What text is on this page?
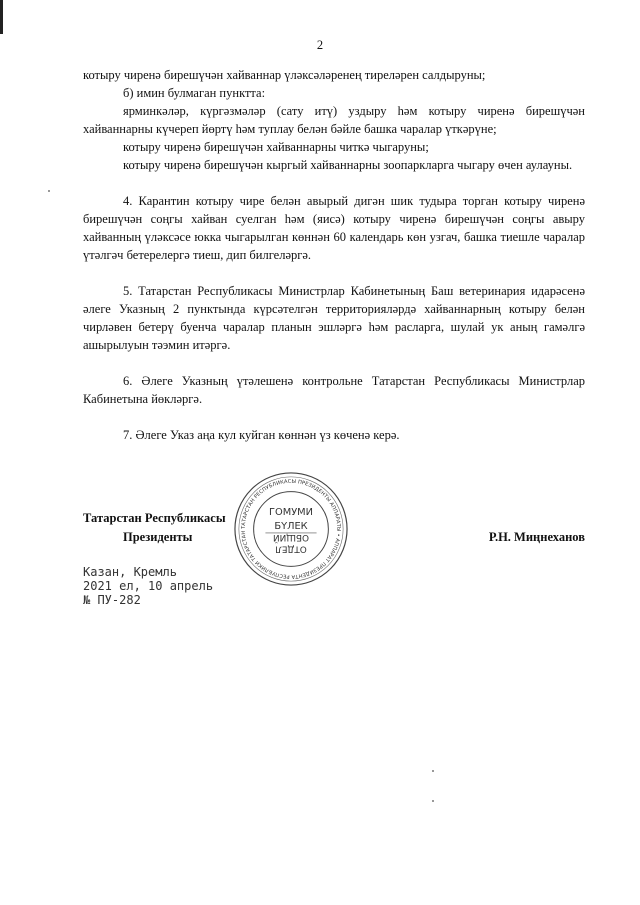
2

котыру чиренә бирешүчән хайваннар үләксәләренең тиреләрен салдыруны;

б) имин булмаган пунктта:

ярминкәләр, күргәзмәләр (сату итү) уздыру һәм котыру чиренә бирешүчән хайваннарны күчереп йөртү һәм туплау белән бәйле башка чаралар үткәрүне;

котыру чиренә бирешүчән хайваннарны читкә чыгаруны;

котыру чиренә бирешүчән кыргый хайваннарны зоопаркларга чыгару өчен аулауны.

4. Карантин котыру чире белән авырый дигән шик тудыра торган котыру чиренә бирешүчән соңгы хайван суелган һәм (яисә) котыру чиренә бирешүчән соңгы авыру хайванның үләксәсе юкка чыгарылган көннән 60 календарь көн узгач, башка тиешле чаралар үтәлгәч бетерелергә тиеш, дип билгеләргә.

5. Татарстан Республикасы Министрлар Кабинетының Баш ветеринария идарәсенә әлеге Указның 2 пунктында күрсәтелгән территорияләрдә хайваннарның котыру белән чирләвен бетерү буенча чаралар планын эшләргә һәм расларга, шулай ук аның гамәлгә ашырылуын тәэмин итәргә.

6. Әлеге Указның үтәлешенә контрольне Татарстан Республикасы Министрлар Кабинетына йөкләргә.

7. Әлеге Указ аңа кул куйган көннән үз көченә керә.

ТАТАРСТАН РЕСПУБЛИКАСЫ ПРЕЗИДЕНТЫ АППАРАТЫ • АППАРАТ ПРЕЗИДЕНТА РЕСПУБЛИКИ ТАТАРСТАН
ГОМУМИ
БҮЛЕК
ОТДЕЛ
ОБЩИЙ
Татарстан Республикасы
Президенты	Р.Н. Миңнеханов
Казан, Кремль
2021 ел, 10 апрель
№ ПУ-282
